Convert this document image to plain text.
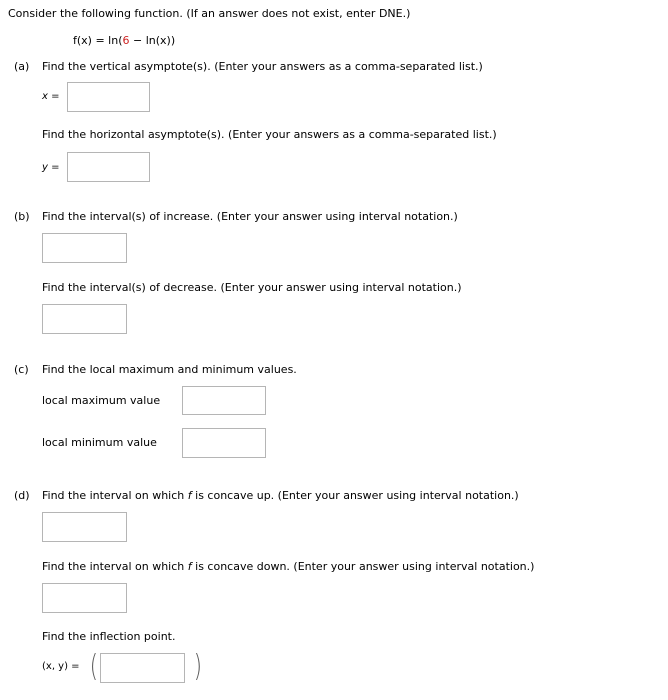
Consider the following function. (If an answer does not exist, enter DNE.)
f(x) = ln(6 − ln(x))
(a) Find the vertical asymptote(s). (Enter your answers as a comma-separated list.)
x =
Find the horizontal asymptote(s). (Enter your answers as a comma-separated list.)
y =
(b) Find the interval(s) of increase. (Enter your answer using interval notation.)
Find the interval(s) of decrease. (Enter your answer using interval notation.)
(c) Find the local maximum and minimum values.
local maximum value
local minimum value
(d) Find the interval on which f is concave up. (Enter your answer using interval notation.)
Find the interval on which f is concave down. (Enter your answer using interval notation.)
Find the inflection point.
(x, y) = (	)
